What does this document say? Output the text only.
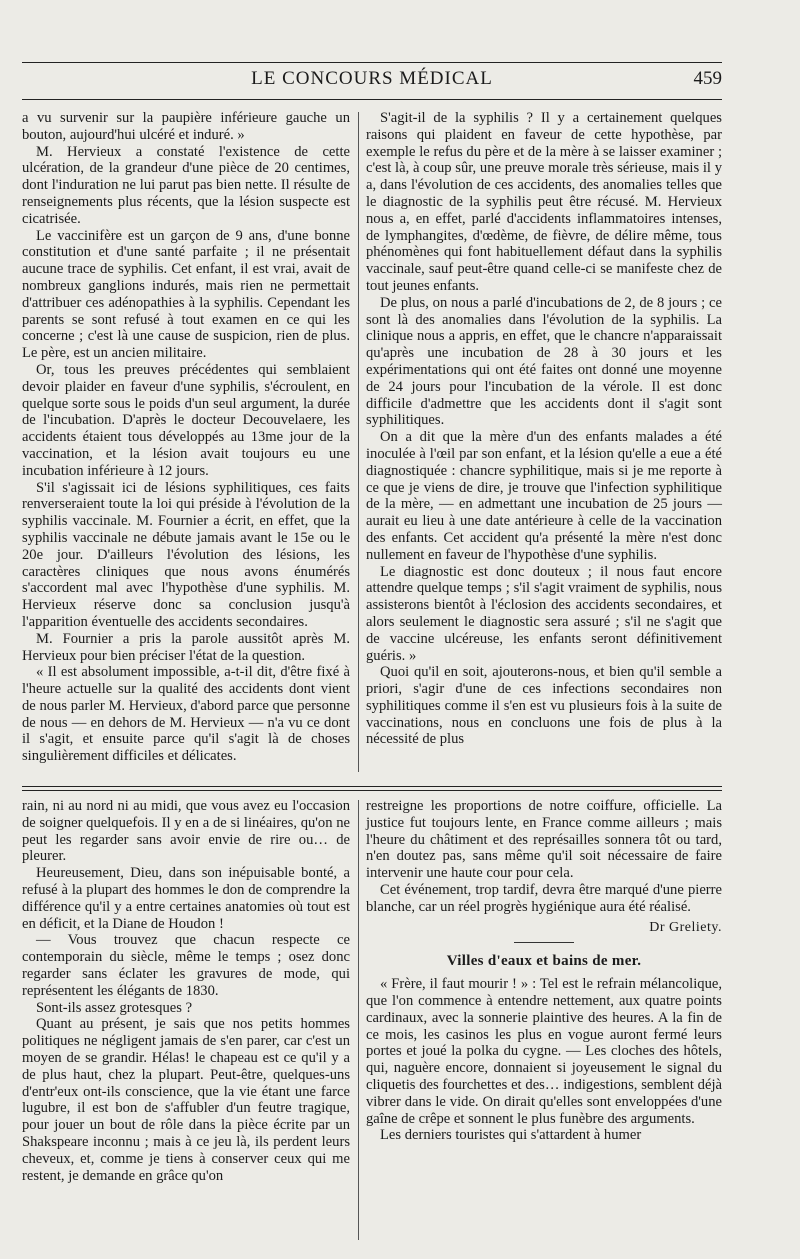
LE CONCOURS MÉDICAL	459

a vu survenir sur la paupière inférieure gauche un bouton, aujourd'hui ulcéré et induré. »

M. Hervieux a constaté l'existence de cette ulcération, de la grandeur d'une pièce de 20 centimes, dont l'induration ne lui parut pas bien nette. Il résulte de renseignements plus récents, que la lésion suspecte est cicatrisée.

Le vaccinifère est un garçon de 9 ans, d'une bonne constitution et d'une santé parfaite ; il ne présentait aucune trace de syphilis. Cet enfant, il est vrai, avait de nombreux ganglions indurés, mais rien ne permettait d'attribuer ces adénopathies à la syphilis. Cependant les parents se sont refusé à tout examen en ce qui les concerne ; c'est là une cause de suspicion, rien de plus. Le père, est un ancien militaire.

Or, tous les preuves précédentes qui semblaient devoir plaider en faveur d'une syphilis, s'écroulent, en quelque sorte sous le poids d'un seul argument, la durée de l'incubation. D'après le docteur Decouvelaere, les accidents étaient tous développés au 13me jour de la vaccination, et la lésion avait toujours eu une incubation inférieure à 12 jours.

S'il s'agissait ici de lésions syphilitiques, ces faits renverseraient toute la loi qui préside à l'évolution de la syphilis vaccinale. M. Fournier a écrit, en effet, que la syphilis vaccinale ne débute jamais avant le 15e ou le 20e jour. D'ailleurs l'évolution des lésions, les caractères cliniques que nous avons énumérés s'accordent mal avec l'hypothèse d'une syphilis. M. Hervieux réserve donc sa conclusion jusqu'à l'apparition éventuelle des accidents secondaires.

M. Fournier a pris la parole aussitôt après M. Hervieux pour bien préciser l'état de la question.

« Il est absolument impossible, a-t-il dit, d'être fixé à l'heure actuelle sur la qualité des accidents dont vient de nous parler M. Hervieux, d'abord parce que personne de nous — en dehors de M. Hervieux — n'a vu ce dont il s'agit, et ensuite parce qu'il s'agit là de choses singulièrement difficiles et délicates.

S'agit-il de la syphilis ? Il y a certainement quelques raisons qui plaident en faveur de cette hypothèse, par exemple le refus du père et de la mère à se laisser examiner ; c'est là, à coup sûr, une preuve morale très sérieuse, mais il y a, dans l'évolution de ces accidents, des anomalies telles que le diagnostic de la syphilis peut être récusé. M. Hervieux nous a, en effet, parlé d'accidents inflammatoires intenses, de lymphangites, d'œdème, de fièvre, de délire même, tous phénomènes qui font habituellement défaut dans la syphilis vaccinale, sauf peut-être quand celle-ci se manifeste chez de tout jeunes enfants.

De plus, on nous a parlé d'incubations de 2, de 8 jours ; ce sont là des anomalies dans l'évolution de la syphilis. La clinique nous a appris, en effet, que le chancre n'apparaissait qu'après une incubation de 28 à 30 jours et les expérimentations qui ont été faites ont donné une moyenne de 24 jours pour l'incubation de la vérole. Il est donc difficile d'admettre que les accidents dont il s'agit sont syphilitiques.

On a dit que la mère d'un des enfants malades a été inoculée à l'œil par son enfant, et la lésion qu'elle a eue a été diagnostiquée : chancre syphilitique, mais si je me reporte à ce que je viens de dire, je trouve que l'infection syphilitique de la mère, — en admettant une incubation de 25 jours — aurait eu lieu à une date antérieure à celle de la vaccination des enfants. Cet accident qu'a présenté la mère n'est donc nullement en faveur de l'hypothèse d'une syphilis.

Le diagnostic est donc douteux ; il nous faut encore attendre quelque temps ; s'il s'agit vraiment de syphilis, nous assisterons bientôt à l'éclosion des accidents secondaires, et alors seulement le diagnostic sera assuré ; s'il ne s'agit que de vaccine ulcéreuse, les enfants seront définitivement guéris. »

Quoi qu'il en soit, ajouterons-nous, et bien qu'il semble a priori, s'agir d'une de ces infections secondaires non syphilitiques comme il s'en est vu plusieurs fois à la suite de vaccinations, nous en concluons une fois de plus à la nécessité de plus

rain, ni au nord ni au midi, que vous avez eu l'occasion de soigner quelquefois. Il y en a de si linéaires, qu'on ne peut les regarder sans avoir envie de rire ou… de pleurer.

Heureusement, Dieu, dans son inépuisable bonté, a refusé à la plupart des hommes le don de comprendre la différence qu'il y a entre certaines anatomies où tout est en déficit, et la Diane de Houdon !

— Vous trouvez que chacun respecte ce contemporain du siècle, même le temps ; osez donc regarder sans éclater les gravures de mode, qui représentent les élégants de 1830.

Sont-ils assez grotesques ?

Quant au présent, je sais que nos petits hommes politiques ne négligent jamais de s'en parer, car c'est un moyen de se grandir. Hélas! le chapeau est ce qu'il y a de plus haut, chez la plupart. Peut-être, quelques-uns d'entr'eux ont-ils conscience, que la vie étant une farce lugubre, il est bon de s'affubler d'un feutre tragique, pour jouer un bout de rôle dans la pièce écrite par un Shakspeare inconnu ; mais à ce jeu là, ils perdent leurs cheveux, et, comme je tiens à conserver ceux qui me restent, je demande en grâce qu'on

restreigne les proportions de notre coiffure, officielle. La justice fut toujours lente, en France comme ailleurs ; mais l'heure du châtiment et des représailles sonnera tôt ou tard, n'en doutez pas, sans même qu'il soit nécessaire de faire intervenir une haute cour pour cela.

Cet événement, trop tardif, devra être marqué d'une pierre blanche, car un réel progrès hygiénique aura été réalisé.

Dr Greliety.
Villes d'eaux et bains de mer.

« Frère, il faut mourir ! » : Tel est le refrain mélancolique, que l'on commence à entendre nettement, aux quatre points cardinaux, avec la sonnerie plaintive des heures. A la fin de ce mois, les casinos les plus en vogue auront fermé leurs portes et joué la polka du cygne. — Les cloches des hôtels, qui, naguère encore, donnaient si joyeusement le signal du cliquetis des fourchettes et des… indigestions, semblent déjà vibrer dans le vide. On dirait qu'elles sont enveloppées d'une gaîne de crêpe et sonnent le plus funèbre des arguments.

Les derniers touristes qui s'attardent à humer
